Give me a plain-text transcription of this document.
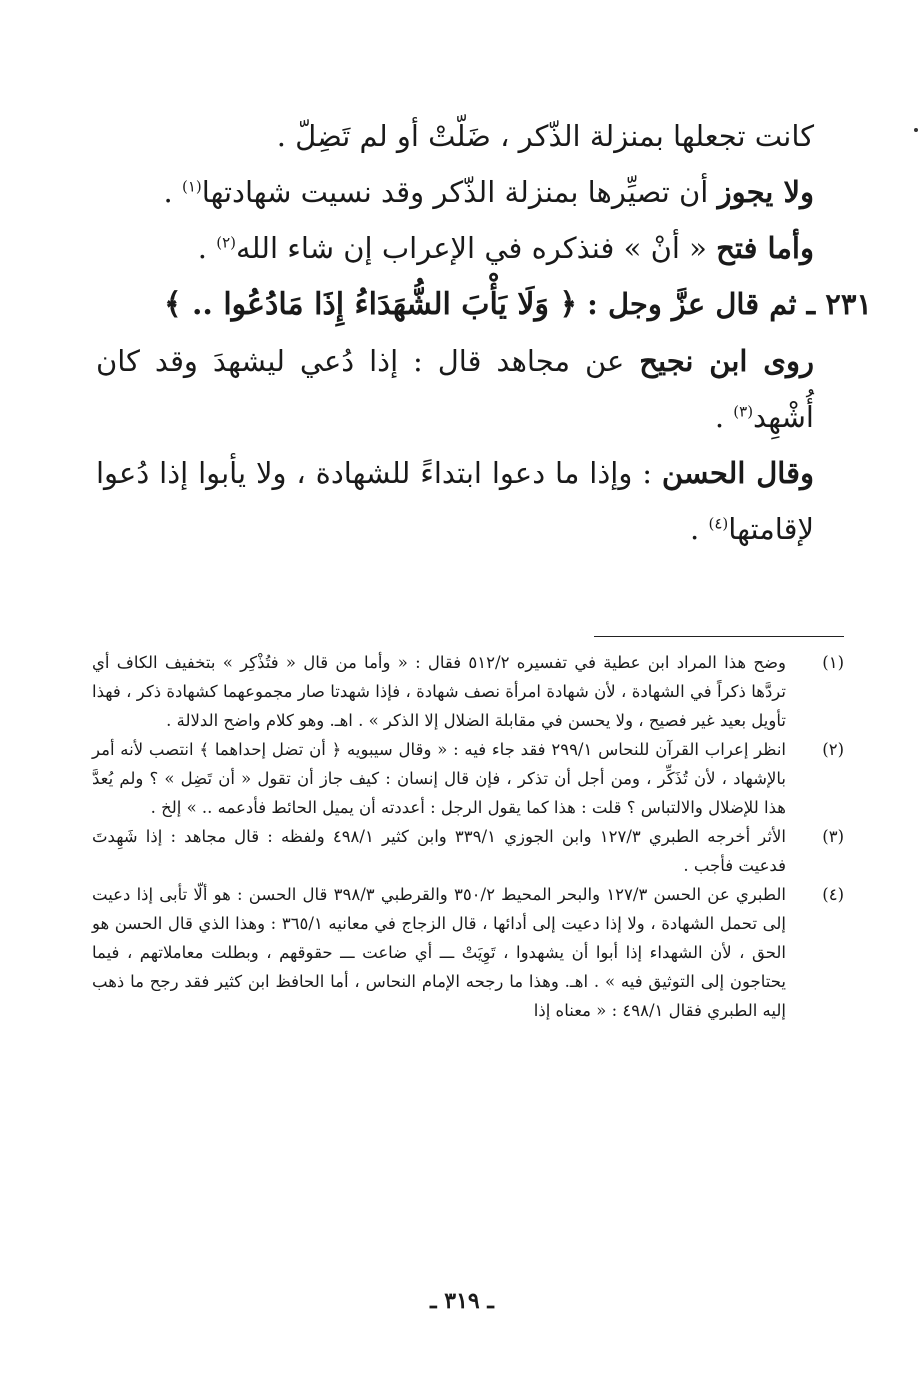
كانت تجعلها بمنزلة الذّكر ، ضَلّتْ أو لم تَضِلّ .
ولا يجوز أن تصيِّرها بمنزلة الذّكر وقد نسيت شهادتها$^{(١)}$ .
وأما فتح « أنْ » فنذكره في الإعراب إن شاء الله$^{(٢)}$ .
٢٣١ ـ ثم قال عزَّ وجل : ﴿ وَلَا يَأْبَ الشُّهَدَاءُ إِذَا مَادُعُوا .. ﴾
روى ابن نجيح عن مجاهد قال : إذا دُعي ليشهدَ وقد كان أُشْهِد$^{(٣)}$ .
وقال الحسن : وإذا ما دعوا ابتداءً للشهادة ، ولا يأبوا إذا دُعوا لإقامتها$^{(٤)}$ .
(١)
وضح هذا المراد ابن عطية في تفسيره ٥١٢/٢ فقال : « وأما من قال « فتُذْكِر » بتخفيف الكاف أي تردَّها ذكراً في الشهادة ، لأن شهادة امرأة نصف شهادة ، فإذا شهدتا صار مجموعهما كشهادة ذكر ، فهذا تأويل بعيد غير فصيح ، ولا يحسن في مقابلة الضلال إلا الذكر » . اهـ. وهو كلام واضح الدلالة .
(٢)
انظر إعراب القرآن للنحاس ٢٩٩/١ فقد جاء فيه : « وقال سيبويه ﴿ أن تضل إحداهما ﴾ انتصب لأنه أمر بالإشهاد ، لأن تُذَكِّر ، ومن أجل أن تذكر ، فإن قال إنسان : كيف جاز أن تقول « أن تَضِل » ؟ ولم يُعدَّ هذا للإضلال والالتباس ؟ قلت : هذا كما يقول الرجل : أعددته أن يميل الحائط فأدعمه .. » إلخ .
(٣)
الأثر أخرجه الطبري ١٢٧/٣ وابن الجوزي ٣٣٩/١ وابن كثير ٤٩٨/١ ولفظه : قال مجاهد : إذا شَهِدتَ فدعيت فأجب .
(٤)
الطبري عن الحسن ١٢٧/٣ والبحر المحيط ٣٥٠/٢ والقرطبي ٣٩٨/٣ قال الحسن : هو ألّا تأبى إذا دعيت إلى تحمل الشهادة ، ولا إذا دعيت إلى أدائها ، قال الزجاج في معانيه ٣٦٥/١ : وهذا الذي قال الحسن هو الحق ، لأن الشهداء إذا أبوا أن يشهدوا ، تَوِيَتْ ـــ أي ضاعت ـــ حقوقهم ، وبطلت معاملاتهم ، فيما يحتاجون إلى التوثيق فيه » . اهـ. وهذا ما رجحه الإمام النحاس ، أما الحافظ ابن كثير فقد رجح ما ذهب إليه الطبري فقال ٤٩٨/١ : « معناه إذا
ـ ٣١٩ ـ
